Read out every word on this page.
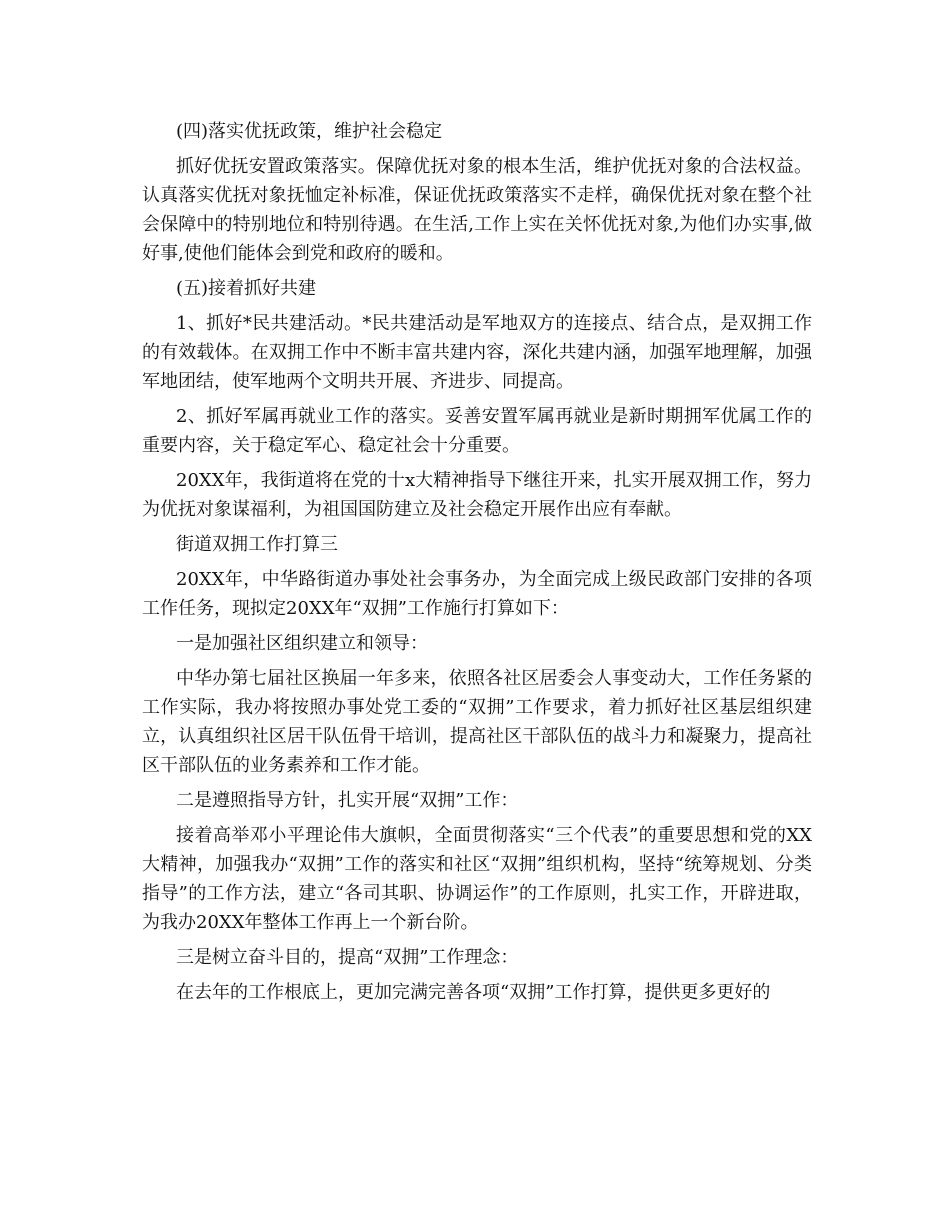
(四)落实优抚政策，维护社会稳定

抓好优抚安置政策落实。保障优抚对象的根本生活，维护优抚对象的合法权益。认真落实优抚对象抚恤定补标准，保证优抚政策落实不走样，确保优抚对象在整个社会保障中的特别地位和特别待遇。在生活,工作上实在关怀优抚对象,为他们办实事,做好事,使他们能体会到党和政府的暖和。

(五)接着抓好共建

1、抓好*民共建活动。*民共建活动是军地双方的连接点、结合点，是双拥工作的有效载体。在双拥工作中不断丰富共建内容，深化共建内涵，加强军地理解，加强军地团结，使军地两个文明共开展、齐进步、同提高。

2、抓好军属再就业工作的落实。妥善安置军属再就业是新时期拥军优属工作的重要内容，关于稳定军心、稳定社会十分重要。

20XX年，我街道将在党的十x大精神指导下继往开来，扎实开展双拥工作，努力为优抚对象谋福利，为祖国国防建立及社会稳定开展作出应有奉献。

街道双拥工作打算三

20XX年，中华路街道办事处社会事务办，为全面完成上级民政部门安排的各项工作任务，现拟定20XX年“双拥”工作施行打算如下：

一是加强社区组织建立和领导：

中华办第七届社区换届一年多来，依照各社区居委会人事变动大，工作任务紧的工作实际，我办将按照办事处党工委的“双拥”工作要求，着力抓好社区基层组织建立，认真组织社区居干队伍骨干培训，提高社区干部队伍的战斗力和凝聚力，提高社区干部队伍的业务素养和工作才能。

二是遵照指导方针，扎实开展“双拥”工作：

接着高举邓小平理论伟大旗帜，全面贯彻落实“三个代表”的重要思想和党的XX大精神，加强我办“双拥”工作的落实和社区“双拥”组织机构，坚持“统筹规划、分类指导”的工作方法，建立“各司其职、协调运作”的工作原则，扎实工作，开辟进取，为我办20XX年整体工作再上一个新台阶。

三是树立奋斗目的，提高“双拥”工作理念：

在去年的工作根底上，更加完满完善各项“双拥”工作打算，提供更多更好的
